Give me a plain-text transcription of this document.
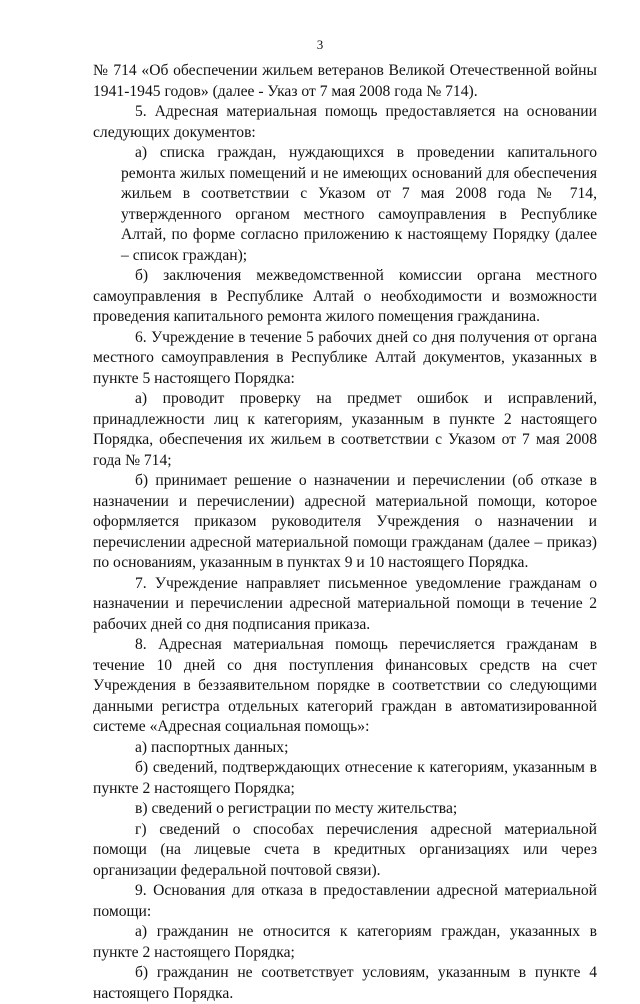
3

№ 714 «Об обеспечении жильем ветеранов Великой Отечественной войны 1941-1945 годов» (далее - Указ от 7 мая 2008 года № 714).

5. Адресная материальная помощь предоставляется на основании следующих документов:

а) списка граждан, нуждающихся в проведении капитального ремонта жилых помещений и не имеющих оснований для обеспечения жильем в соответствии с Указом от 7 мая 2008 года № 714, утвержденного органом местного самоуправления в Республике Алтай, по форме согласно приложению к настоящему Порядку (далее – список граждан);

б) заключения межведомственной комиссии органа местного самоуправления в Республике Алтай о необходимости и возможности проведения капитального ремонта жилого помещения гражданина.

6. Учреждение в течение 5 рабочих дней со дня получения от органа местного самоуправления в Республике Алтай документов, указанных в пункте 5 настоящего Порядка:

а) проводит проверку на предмет ошибок и исправлений, принадлежности лиц к категориям, указанным в пункте 2 настоящего Порядка, обеспечения их жильем в соответствии с Указом от 7 мая 2008 года № 714;

б) принимает решение о назначении и перечислении (об отказе в назначении и перечислении) адресной материальной помощи, которое оформляется приказом руководителя Учреждения о назначении и перечислении адресной материальной помощи гражданам (далее – приказ) по основаниям, указанным в пунктах 9 и 10 настоящего Порядка.

7. Учреждение направляет письменное уведомление гражданам о назначении и перечислении адресной материальной помощи в течение 2 рабочих дней со дня подписания приказа.

8. Адресная материальная помощь перечисляется гражданам в течение 10 дней со дня поступления финансовых средств на счет Учреждения в беззаявительном порядке в соответствии со следующими данными регистра отдельных категорий граждан в автоматизированной системе «Адресная социальная помощь»:

а) паспортных данных;

б) сведений, подтверждающих отнесение к категориям, указанным в пункте 2 настоящего Порядка;

в) сведений о регистрации по месту жительства;

г) сведений о способах перечисления адресной материальной помощи (на лицевые счета в кредитных организациях или через организации федеральной почтовой связи).

9. Основания для отказа в предоставлении адресной материальной помощи:

а) гражданин не относится к категориям граждан, указанных в пункте 2 настоящего Порядка;

б) гражданин не соответствует условиям, указанным в пункте 4 настоящего Порядка.
